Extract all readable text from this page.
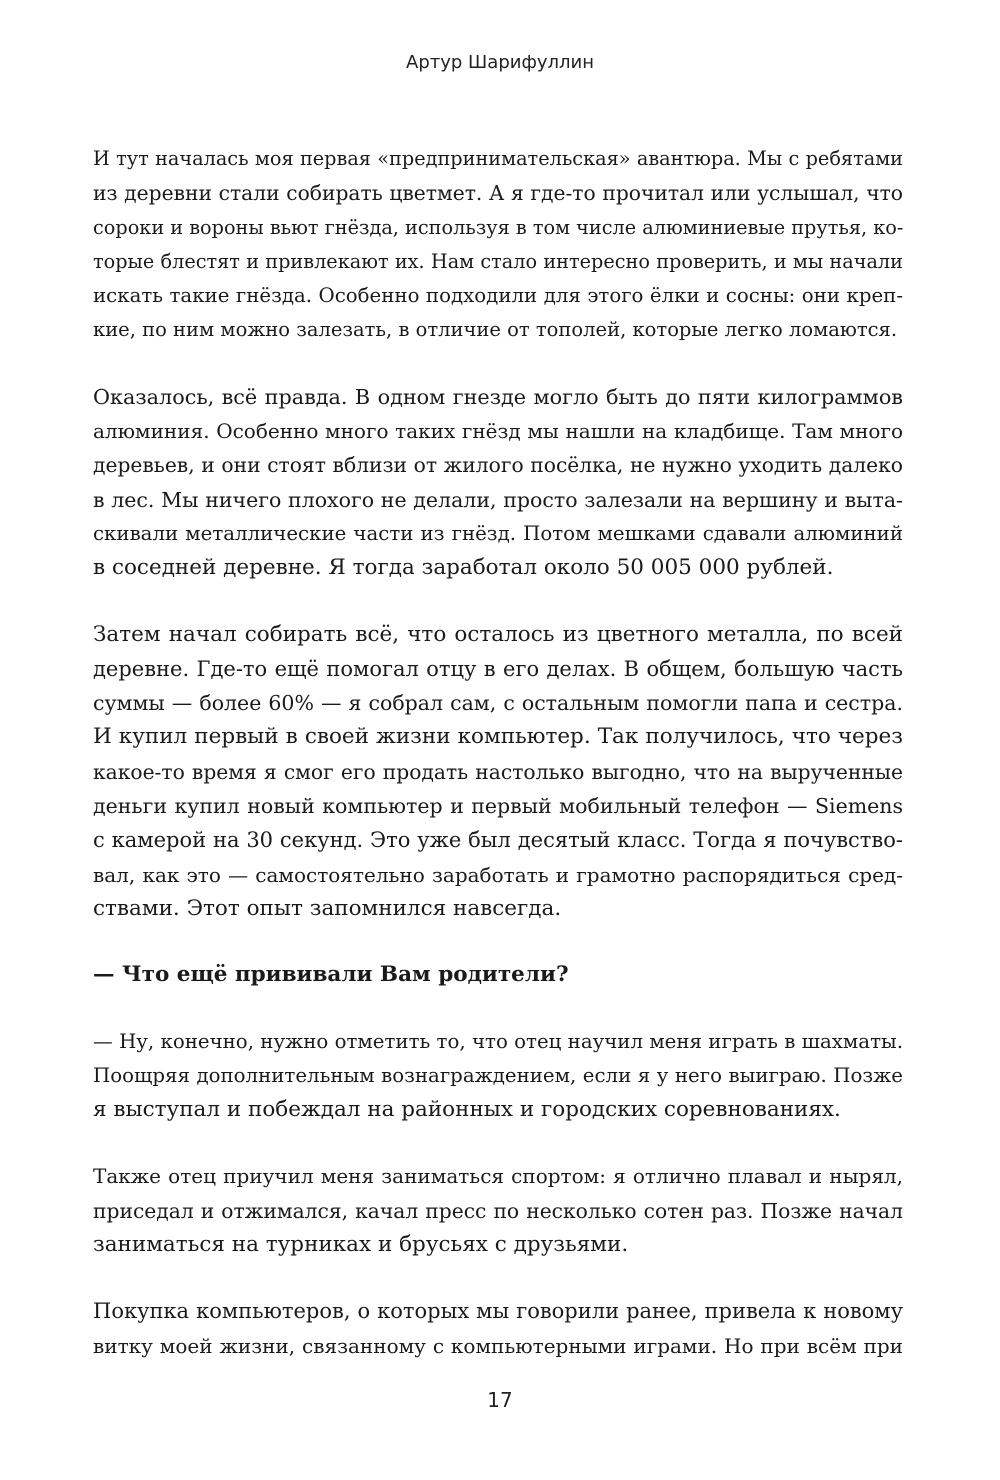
Артур Шарифуллин
И тут началась моя первая «предпринимательская» авантюра. Мы с ребятами
из деревни стали собирать цветмет. А я где-то прочитал или услышал, что
сороки и вороны вьют гнёзда, используя в том числе алюминиевые прутья, ко-
торые блестят и привлекают их. Нам стало интересно проверить, и мы начали
искать такие гнёзда. Особенно подходили для этого ёлки и сосны: они креп-
кие, по ним можно залезать, в отличие от тополей, которые легко ломаются.
Оказалось, всё правда. В одном гнезде могло быть до пяти килограммов
алюминия. Особенно много таких гнёзд мы нашли на кладбище. Там много
деревьев, и они стоят вблизи от жилого посёлка, не нужно уходить далеко
в лес. Мы ничего плохого не делали, просто залезали на вершину и выта-
скивали металлические части из гнёзд. Потом мешками сдавали алюминий
в соседней деревне. Я тогда заработал около 50 005 000 рублей.
Затем начал собирать всё, что осталось из цветного металла, по всей
деревне. Где-то ещё помогал отцу в его делах. В общем, большую часть
суммы — более 60% — я собрал сам, с остальным помогли папа и сестра.
И купил первый в своей жизни компьютер. Так получилось, что через
какое-то время я смог его продать настолько выгодно, что на вырученные
деньги купил новый компьютер и первый мобильный телефон — Siemens
с камерой на 30 секунд. Это уже был десятый класс. Тогда я почувство-
вал, как это — самостоятельно заработать и грамотно распорядиться сред-
ствами. Этот опыт запомнился навсегда.
— Что ещё прививали Вам родители?
— Ну, конечно, нужно отметить то, что отец научил меня играть в шахматы.
Поощряя дополнительным вознаграждением, если я у него выиграю. Позже
я выступал и побеждал на районных и городских соревнованиях.
Также отец приучил меня заниматься спортом: я отлично плавал и нырял,
приседал и отжимался, качал пресс по несколько сотен раз. Позже начал
заниматься на турниках и брусьях с друзьями.
Покупка компьютеров, о которых мы говорили ранее, привела к новому
витку моей жизни, связанному с компьютерными играми. Но при всём при
17
